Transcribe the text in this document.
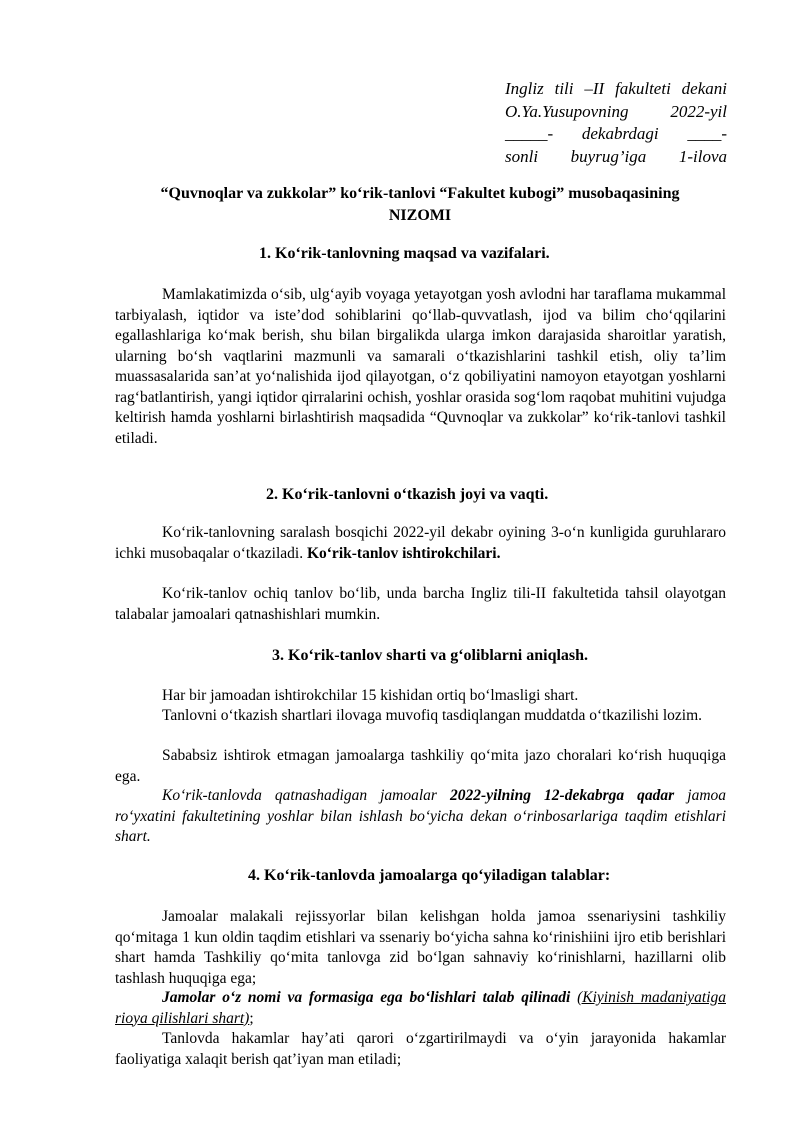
Ingliz tili –II fakulteti dekani
O.Ya.Yusupovning 2022-yil
_____- dekabrdagi ____-
sonli buyrug’iga 1-ilova
“Quvnoqlar va zukkolar” ko‘rik-tanlovi “Fakultet kubogi” musobaqasining
NIZOMI
1. Ko‘rik-tanlovning maqsad va vazifalari.
Mamlakatimizda o‘sib, ulg‘ayib voyaga yetayotgan yosh avlodni har taraflama mukammal tarbiyalash, iqtidor va iste’dod sohiblarini qo‘llab-quvvatlash, ijod va bilim cho‘qqilarini egallashlariga ko‘mak berish, shu bilan birgalikda ularga imkon darajasida sharoitlar yaratish, ularning bo‘sh vaqtlarini mazmunli va samarali o‘tkazishlarini tashkil etish, oliy ta’lim muassasalarida san’at yo‘nalishida ijod qilayotgan, o‘z qobiliyatini namoyon etayotgan yoshlarni rag‘batlantirish, yangi iqtidor qirralarini ochish, yoshlar orasida sog‘lom raqobat muhitini vujudga keltirish hamda yoshlarni birlashtirish maqsadida “Quvnoqlar va zukkolar” ko‘rik-tanlovi tashkil etiladi.
2. Ko‘rik-tanlovni o‘tkazish joyi va vaqti.
Ko‘rik-tanlovning saralash bosqichi 2022-yil dekabr oyining 3-o‘n kunligida guruhlararo ichki musobaqalar o‘tkaziladi. Ko‘rik-tanlov ishtirokchilari.
Ko‘rik-tanlov ochiq tanlov bo‘lib, unda barcha Ingliz tili-II fakultetida tahsil olayotgan talabalar jamoalari qatnashishlari mumkin.
3. Ko‘rik-tanlov sharti va g‘oliblarni aniqlash.
Har bir jamoadan ishtirokchilar 15 kishidan ortiq bo‘lmasligi shart.
Tanlovni o‘tkazish shartlari ilovaga muvofiq tasdiqlangan muddatda o‘tkazilishi lozim.
Sababsiz ishtirok etmagan jamoalarga tashkiliy qo‘mita jazo choralari ko‘rish huquqiga ega.
Ko‘rik-tanlovda qatnashadigan jamoalar 2022-yilning 12-dekabrga qadar jamoa ro‘yxatini fakultetining yoshlar bilan ishlash bo‘yicha dekan o‘rinbosarlariga taqdim etishlari shart.
4. Ko‘rik-tanlovda jamoalarga qo‘yiladigan talablar:
Jamoalar malakali rejissyorlar bilan kelishgan holda jamoa ssenariysini tashkiliy qo‘mitaga 1 kun oldin taqdim etishlari va ssenariy bo‘yicha sahna ko‘rinishiini ijro etib berishlari shart hamda Tashkiliy qo‘mita tanlovga zid bo‘lgan sahnaviy ko‘rinishlarni, hazillarni olib tashlash huquqiga ega;
Jamolar o‘z nomi va formasiga ega bo‘lishlari talab qilinadi (Kiyinish madaniyatiga rioya qilishlari shart);
Tanlovda hakamlar hay’ati qarori o‘zgartirilmaydi va o‘yin jarayonida hakamlar faoliyatiga xalaqit berish qat’iyan man etiladi;
